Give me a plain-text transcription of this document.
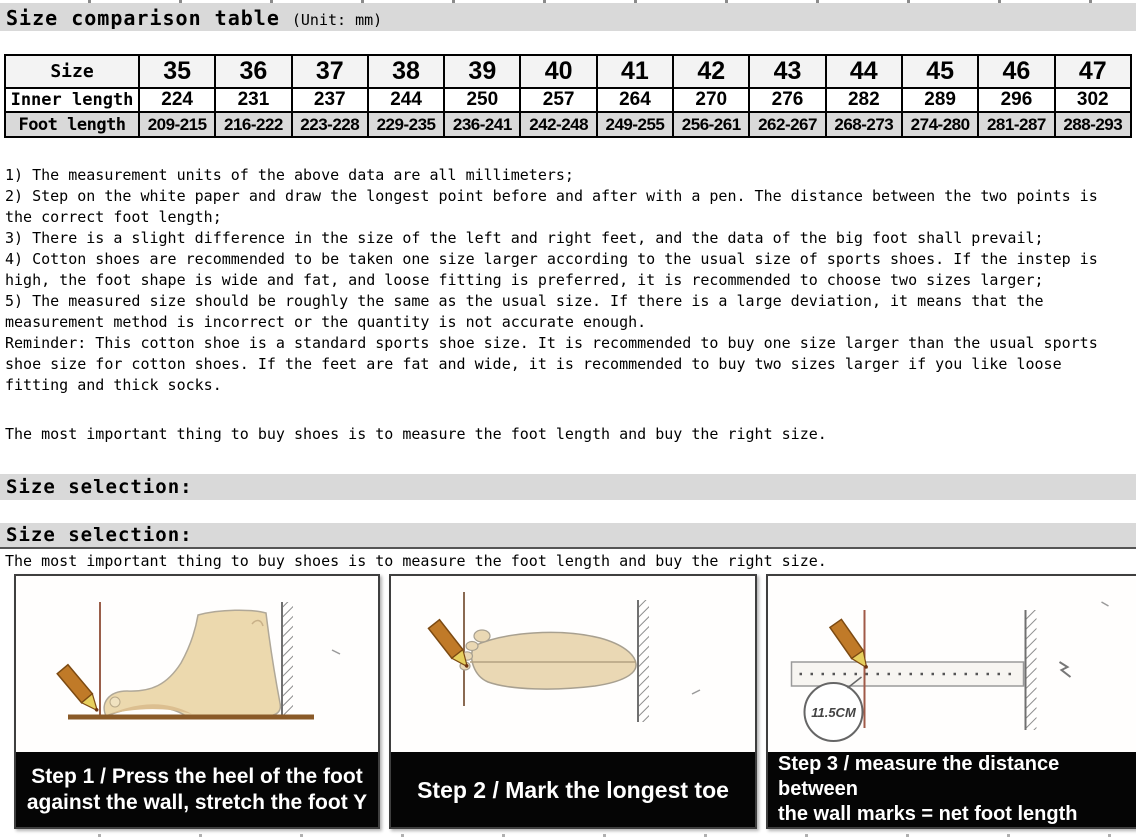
Size comparison table (Unit: mm)
Size	35	36	37	38	39	40	41	42	43	44	45	46	47
Inner length	224	231	237	244	250	257	264	270	276	282	289	296	302
Foot length	209-215	216-222	223-228	229-235	236-241	242-248	249-255	256-261	262-267	268-273	274-280	281-287	288-293

1) The measurement units of the above data are all millimeters;

2) Step on the white paper and draw the longest point before and after with a pen. The distance between the two points is the correct foot length;

3) There is a slight difference in the size of the left and right feet, and the data of the big foot shall prevail;

4) Cotton shoes are recommended to be taken one size larger according to the usual size of sports shoes. If the instep is high, the foot shape is wide and fat, and loose fitting is preferred, it is recommended to choose two sizes larger;

5) The measured size should be roughly the same as the usual size. If there is a large deviation, it means that the measurement method is incorrect or the quantity is not accurate enough.

Reminder: This cotton shoe is a standard sports shoe size. It is recommended to buy one size larger than the usual sports shoe size for cotton shoes. If the feet are fat and wide, it is recommended to buy two sizes larger if you like loose fitting and thick socks.

The most important thing to buy shoes is to measure the foot length and buy the right size.
Size selection:
Size selection:
The most important thing to buy shoes is to measure the foot length and buy the right size.
Step 1 / Press the heel of the foot
against the wall, stretch the foot Y Step 2 / Mark the longest toe
11.5CM
Step 3 / measure the distance between
the wall marks = net foot length
